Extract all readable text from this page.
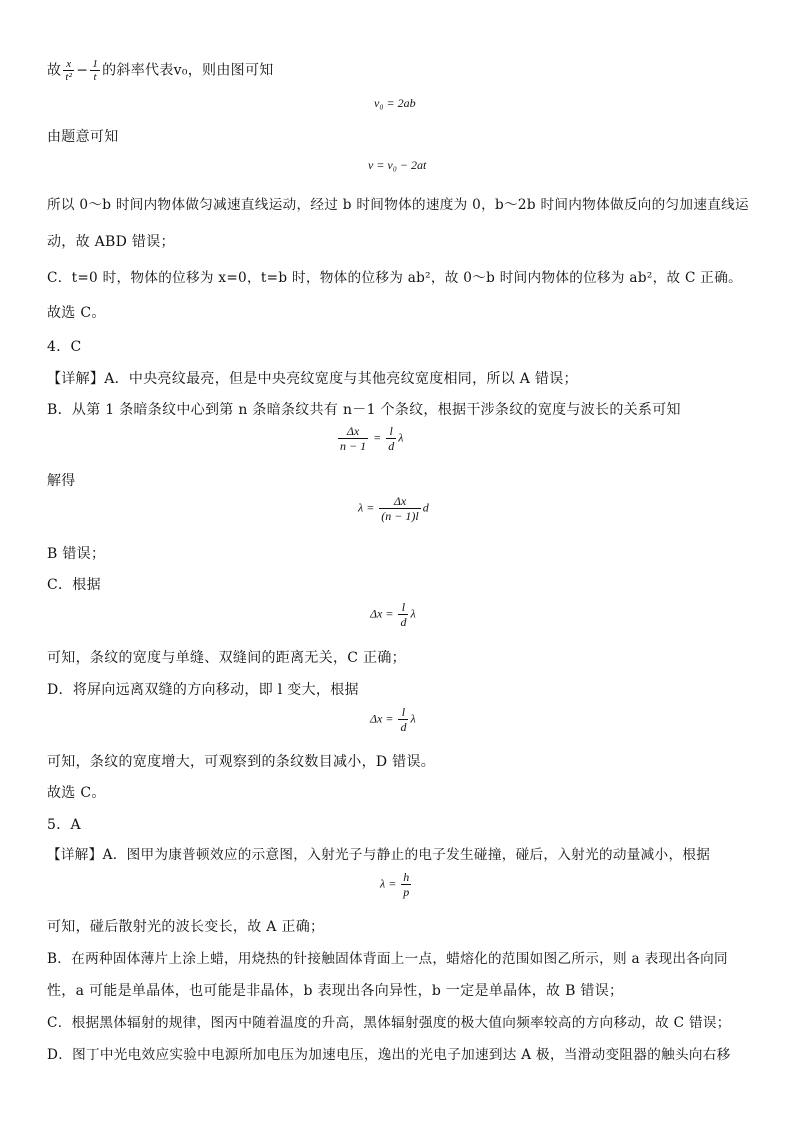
故 $\frac{x}{\text{t²}} - \frac{1}{t}$ 的斜率代表v₀，则由图可知
v₀ = 2ab
由题意可知
v = v₀ − 2at
所以 0～b 时间内物体做匀减速直线运动，经过 b 时间物体的速度为 0，b～2b 时间内物体做反向的匀加速直线运
动，故 ABD 错误；
C．t=0 时，物体的位移为 x=0，t=b 时，物体的位移为 ab²，故 0～b 时间内物体的位移为 ab²，故 C 正确。
故选 C。
4．C
【详解】A．中央亮纹最亮，但是中央亮纹宽度与其他亮纹宽度相同，所以 A 错误；
B．从第 1 条暗条纹中心到第 n 条暗条纹共有 n－1 个条纹，根据干涉条纹的宽度与波长的关系可知
$\frac{\Delta x}{n - 1} = \frac{l}{d}$ λ
解得
$\lambda = \frac{\Delta x}{(n - 1)l}$ d
B 错误；
C．根据
$\Delta x = \frac{l}{d}$ λ
可知，条纹的宽度与单缝、双缝间的距离无关，C 正确；
D．将屏向远离双缝的方向移动，即 l 变大，根据
$\Delta x = \frac{l}{d}$ λ
可知，条纹的宽度增大，可观察到的条纹数目减小，D 错误。
故选 C。
5．A
【详解】A．图甲为康普顿效应的示意图，入射光子与静止的电子发生碰撞，碰后，入射光的动量减小，根据
$\lambda = \frac{h}{p}$
可知，碰后散射光的波长变长，故 A 正确；
B．在两种固体薄片上涂上蜡，用烧热的针接触固体背面上一点，蜡熔化的范围如图乙所示，则 a 表现出各向同
性，a 可能是单晶体，也可能是非晶体，b 表现出各向异性，b 一定是单晶体，故 B 错误；
C．根据黑体辐射的规律，图丙中随着温度的升高，黑体辐射强度的极大值向频率较高的方向移动，故 C 错误；
D．图丁中光电效应实验中电源所加电压为加速电压，逸出的光电子加速到达 A 极，当滑动变阻器的触头向右移
